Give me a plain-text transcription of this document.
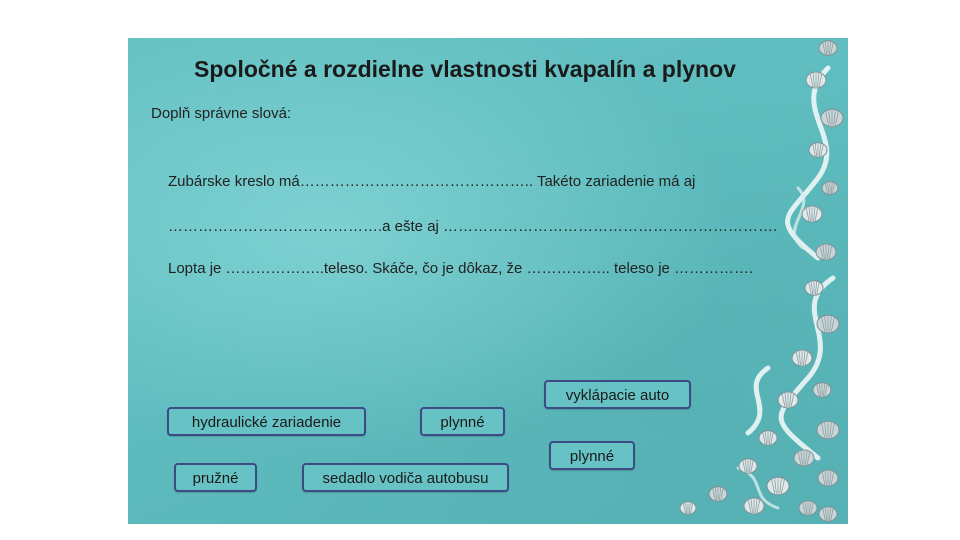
Spoločné a rozdielne vlastnosti kvapalín a plynov
Doplň správne slová:
Zubárske kreslo má……………………………………….. Takéto zariadenie má aj
…………………………………….a ešte aj ………………………………………………………….
Lopta je ………………..teleso. Skáče, čo je dôkaz, že …………….. teleso je …………….
vyklápacie auto
hydraulické zariadenie	plynné
plynné
pružné	sedadlo vodiča autobusu
